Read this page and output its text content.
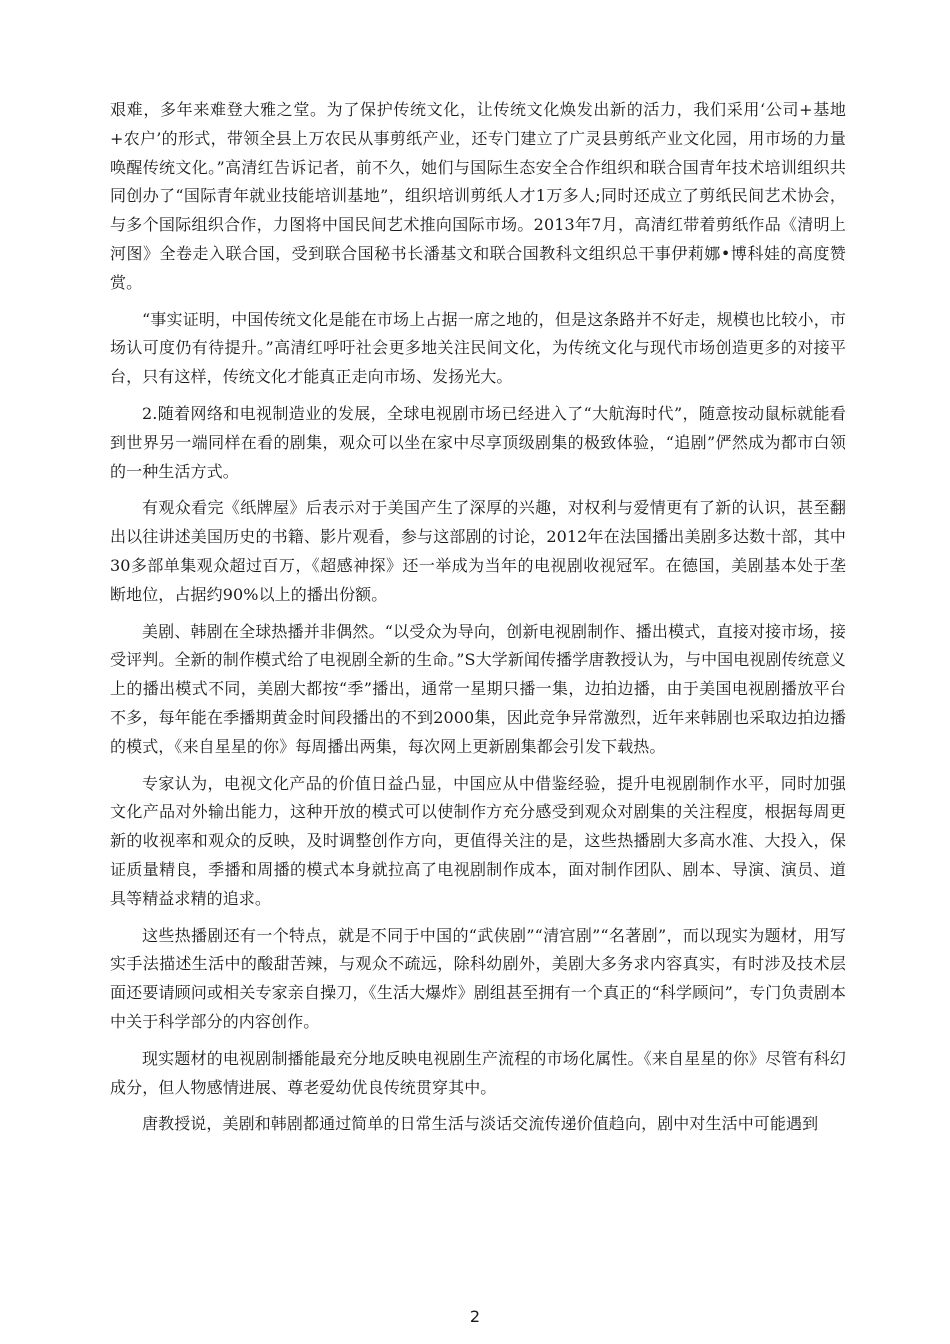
艰难，多年来难登大雅之堂。为了保护传统文化，让传统文化焕发出新的活力，我们采用‘公司+基地+农户’的形式，带领全县上万农民从事剪纸产业，还专门建立了广灵县剪纸产业文化园，用市场的力量唤醒传统文化。”高清红告诉记者，前不久，她们与国际生态安全合作组织和联合国青年技术培训组织共同创办了“国际青年就业技能培训基地”，组织培训剪纸人才1万多人;同时还成立了剪纸民间艺术协会，与多个国际组织合作，力图将中国民间艺术推向国际市场。2013年7月，高清红带着剪纸作品《清明上河图》全卷走入联合国，受到联合国秘书长潘基文和联合国教科文组织总干事伊莉娜•博科娃的高度赞赏。

“事实证明，中国传统文化是能在市场上占据一席之地的，但是这条路并不好走，规模也比较小，市场认可度仍有待提升。”高清红呼吁社会更多地关注民间文化，为传统文化与现代市场创造更多的对接平台，只有这样，传统文化才能真正走向市场、发扬光大。

2.随着网络和电视制造业的发展，全球电视剧市场已经进入了“大航海时代”，随意按动鼠标就能看到世界另一端同样在看的剧集，观众可以坐在家中尽享顶级剧集的极致体验，“追剧”俨然成为都市白领的一种生活方式。

有观众看完《纸牌屋》后表示对于美国产生了深厚的兴趣，对权利与爱情更有了新的认识，甚至翻出以往讲述美国历史的书籍、影片观看，参与这部剧的讨论，2012年在法国播出美剧多达数十部，其中30多部单集观众超过百万，《超感神探》还一举成为当年的电视剧收视冠军。在德国，美剧基本处于垄断地位，占据约90%以上的播出份额。

美剧、韩剧在全球热播并非偶然。“以受众为导向，创新电视剧制作、播出模式，直接对接市场，接受评判。全新的制作模式给了电视剧全新的生命。”S大学新闻传播学唐教授认为，与中国电视剧传统意义上的播出模式不同，美剧大都按“季”播出，通常一星期只播一集，边拍边播，由于美国电视剧播放平台不多，每年能在季播期黄金时间段播出的不到2000集，因此竞争异常激烈，近年来韩剧也采取边拍边播的模式，《来自星星的你》每周播出两集，每次网上更新剧集都会引发下载热。

专家认为，电视文化产品的价值日益凸显，中国应从中借鉴经验，提升电视剧制作水平，同时加强文化产品对外输出能力，这种开放的模式可以使制作方充分感受到观众对剧集的关注程度，根据每周更新的收视率和观众的反映，及时调整创作方向，更值得关注的是，这些热播剧大多高水准、大投入，保证质量精良，季播和周播的模式本身就拉高了电视剧制作成本，面对制作团队、剧本、导演、演员、道具等精益求精的追求。

这些热播剧还有一个特点，就是不同于中国的“武侠剧”“清宫剧”“名著剧”，而以现实为题材，用写实手法描述生活中的酸甜苦辣，与观众不疏远，除科幼剧外，美剧大多务求内容真实，有时涉及技术层面还要请顾问或相关专家亲自操刀，《生活大爆炸》剧组甚至拥有一个真正的“科学顾问”，专门负责剧本中关于科学部分的内容创作。

现实题材的电视剧制播能最充分地反映电视剧生产流程的市场化属性。《来自星星的你》尽管有科幻成分，但人物感情进展、尊老爱幼优良传统贯穿其中。

唐教授说，美剧和韩剧都通过简单的日常生活与淡话交流传递价值趋向，剧中对生活中可能遇到

2
